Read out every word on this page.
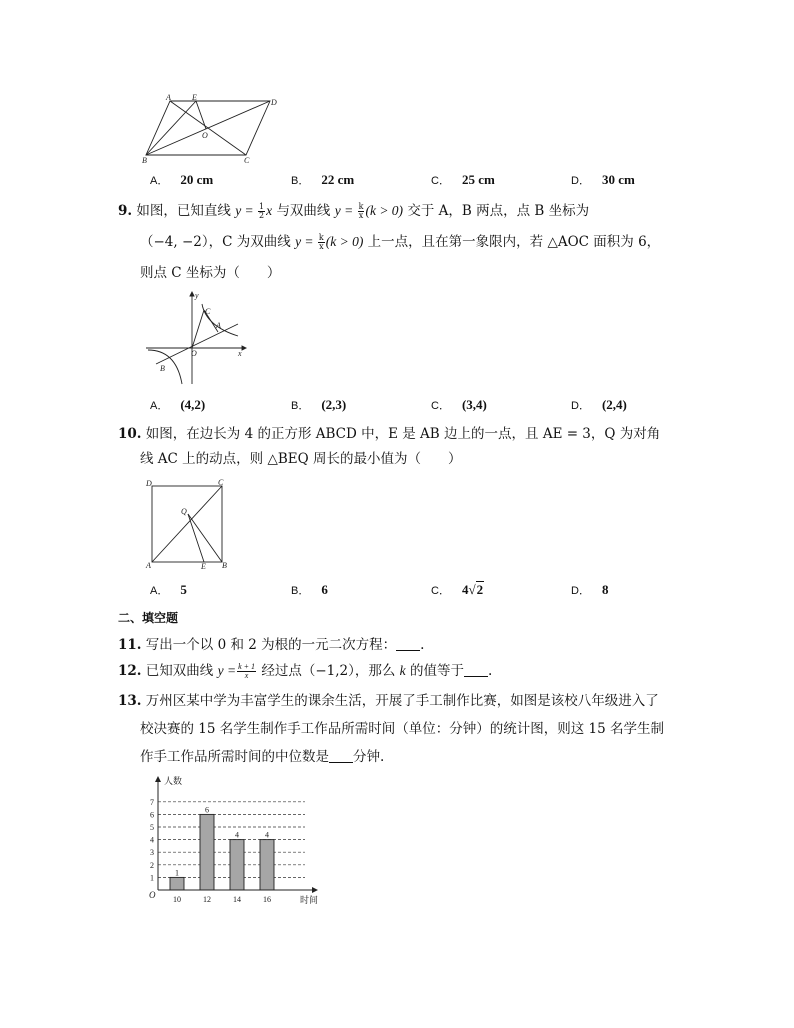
A	E
D
O
B	C
A． 20 cm	B． 22 cm	C． 25 cm	D． 30 cm
9. 如图，已知直线 $y = \frac{1}{2}$ x 与双曲线 $y = \frac{k}{x} (k > 0)$ 交于 A，B 两点，点 B 坐标为
（−4, −2），C 为双曲线 $y = \frac{k}{x} (k > 0)$ 上一点，且在第一象限内，若 △AOC 面积为 6，
则点 C 坐标为（　　）
y
C
A
O	x
B
A． (4,2)	B． (2,3)	C． (3,4)	D． (2,4)
10. 如图，在边长为 4 的正方形 ABCD 中，E 是 AB 边上的一点，且 AE = 3，Q 为对角
线 AC 上的动点，则 △BEQ 周长的最小值为（　　）
D	C
Q
A	E B
A． 5	B． 6	C． 4√2	D． 8
二、填空题
11. 写出一个以 0 和 2 为根的一元二次方程： .
12. 已知双曲线 $y = \frac{k + 1}{x}$ 经过点（−1,2），那么 k 的值等于 .
13. 万州区某中学为丰富学生的课余生活，开展了手工制作比赛，如图是该校八年级进入了
校决赛的 15 名学生制作手工作品所需时间（单位：分钟）的统计图，则这 15 名学生制
作手工作品所需时间的中位数是 分钟.
1
2
3
4
5
6
7
1
10
6
12
4
14
4
16
人数
时间
O
